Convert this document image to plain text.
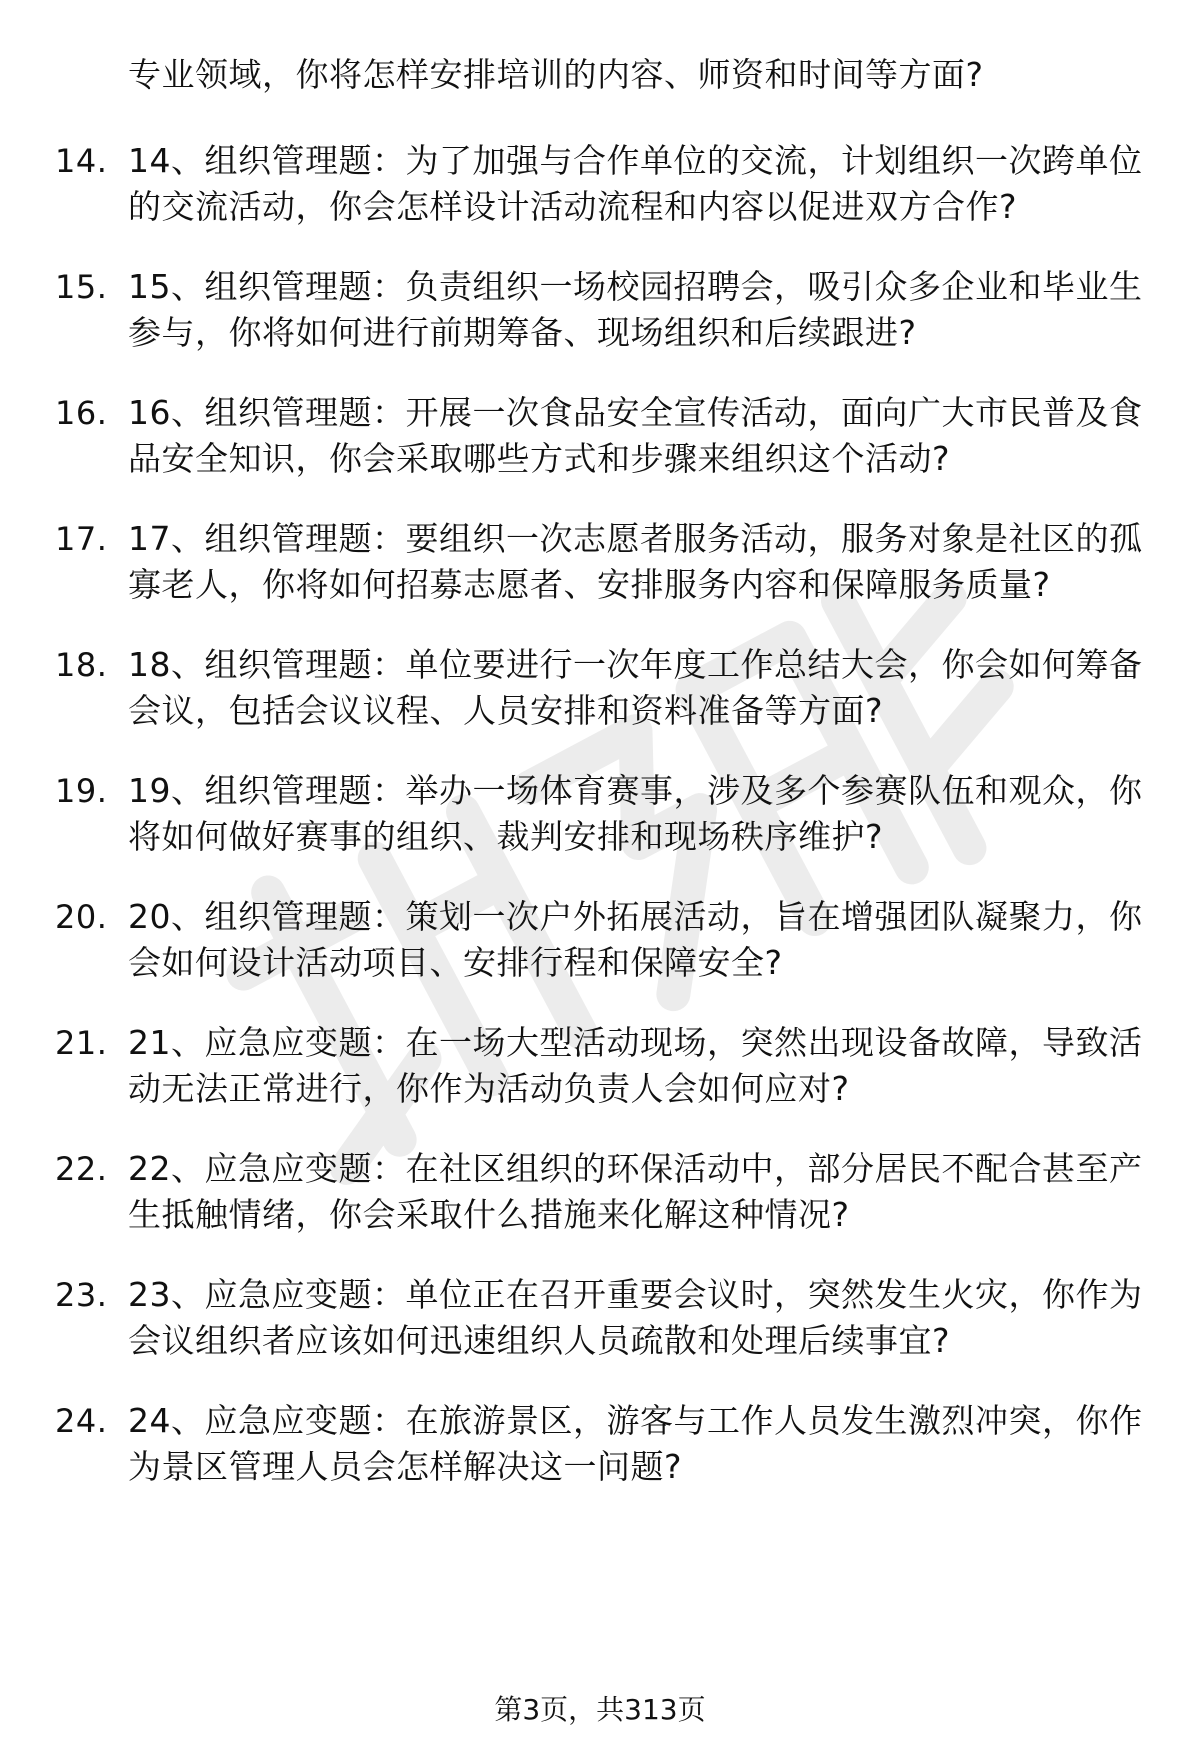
专业领域，你将怎样安排培训的内容、师资和时间等方面?
14. 14、组织管理题：为了加强与合作单位的交流，计划组织一次跨单位的交流活动，你会怎样设计活动流程和内容以促进双方合作?
15. 15、组织管理题：负责组织一场校园招聘会，吸引众多企业和毕业生参与，你将如何进行前期筹备、现场组织和后续跟进?
16. 16、组织管理题：开展一次食品安全宣传活动，面向广大市民普及食品安全知识，你会采取哪些方式和步骤来组织这个活动?
17. 17、组织管理题：要组织一次志愿者服务活动，服务对象是社区的孤寡老人，你将如何招募志愿者、安排服务内容和保障服务质量?
18. 18、组织管理题：单位要进行一次年度工作总结大会，你会如何筹备会议，包括会议议程、人员安排和资料准备等方面?
19. 19、组织管理题：举办一场体育赛事，涉及多个参赛队伍和观众，你将如何做好赛事的组织、裁判安排和现场秩序维护?
20. 20、组织管理题：策划一次户外拓展活动，旨在增强团队凝聚力，你会如何设计活动项目、安排行程和保障安全?
21. 21、应急应变题：在一场大型活动现场，突然出现设备故障，导致活动无法正常进行，你作为活动负责人会如何应对?
22. 22、应急应变题：在社区组织的环保活动中，部分居民不配合甚至产生抵触情绪，你会采取什么措施来化解这种情况?
23. 23、应急应变题：单位正在召开重要会议时，突然发生火灾，你作为会议组织者应该如何迅速组织人员疏散和处理后续事宜?
24. 24、应急应变题：在旅游景区，游客与工作人员发生激烈冲突，你作为景区管理人员会怎样解决这一问题?
第3页，共313页
